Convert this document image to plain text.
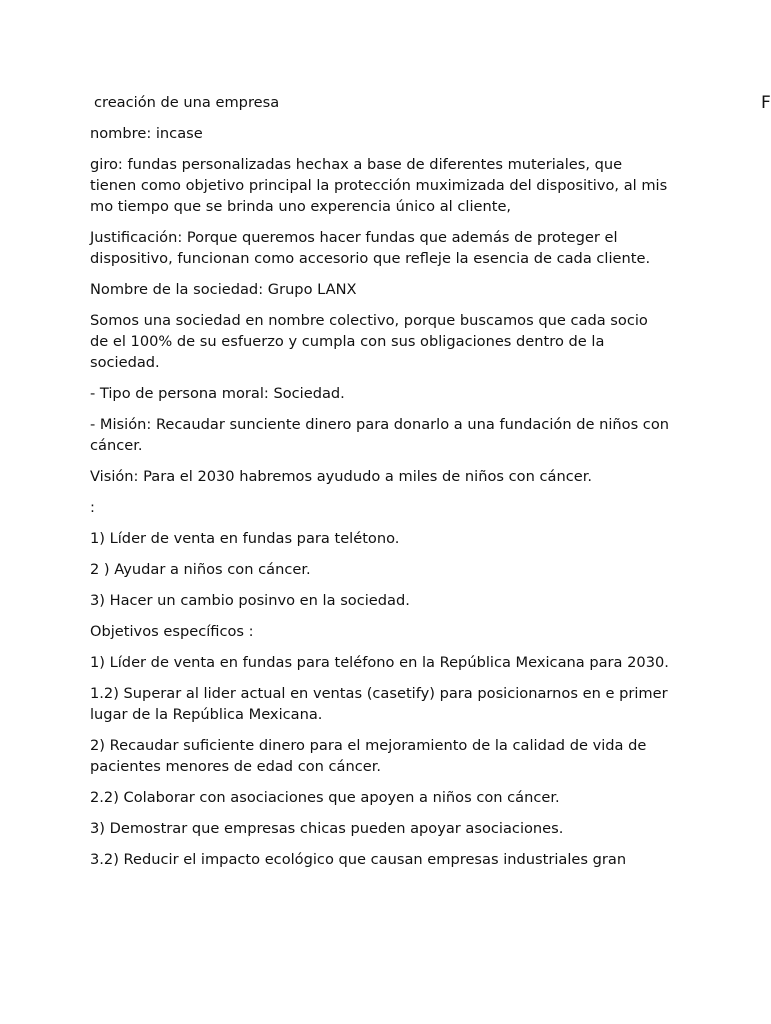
creación de una empresa

nombre: incase

giro: fundas personalizadas hechax a base de diferentes muteriales, que tienen como objetivo principal la protección muximizada del dispositivo, al mis mo tiempo que se brinda uno experencia único al cliente,

Justificación: Porque queremos hacer fundas que además de proteger el dispositivo, funcionan como accesorio que refleje la esencia de cada cliente.

Nombre de la sociedad: Grupo LANX

Somos una sociedad en nombre colectivo, porque buscamos que cada socio de el 100% de su esfuerzo y cumpla con sus obligaciones dentro de la sociedad.

- Tipo de persona moral: Sociedad.

- Misión: Recaudar sunciente dinero para donarlo a una fundación de niños con cáncer.

Visión: Para el 2030 habremos ayududo a miles de niños con cáncer.

:

1) Líder de venta en fundas para telétono.

2 ) Ayudar a niños con cáncer.

3) Hacer un cambio posinvo en la sociedad.

Objetivos específicos :

1) Líder de venta en fundas para teléfono en la República Mexicana para 2030.

1.2) Superar al lider actual en ventas (casetify) para posicionarnos en e primer lugar de la República Mexicana.

2) Recaudar suficiente dinero para el mejoramiento de la calidad de vida de pacientes menores de edad con cáncer.

2.2) Colaborar con asociaciones que apoyen a niños con cáncer.

3) Demostrar que empresas chicas pueden apoyar asociaciones.

3.2) Reducir el impacto ecológico que causan empresas industriales gran

F
